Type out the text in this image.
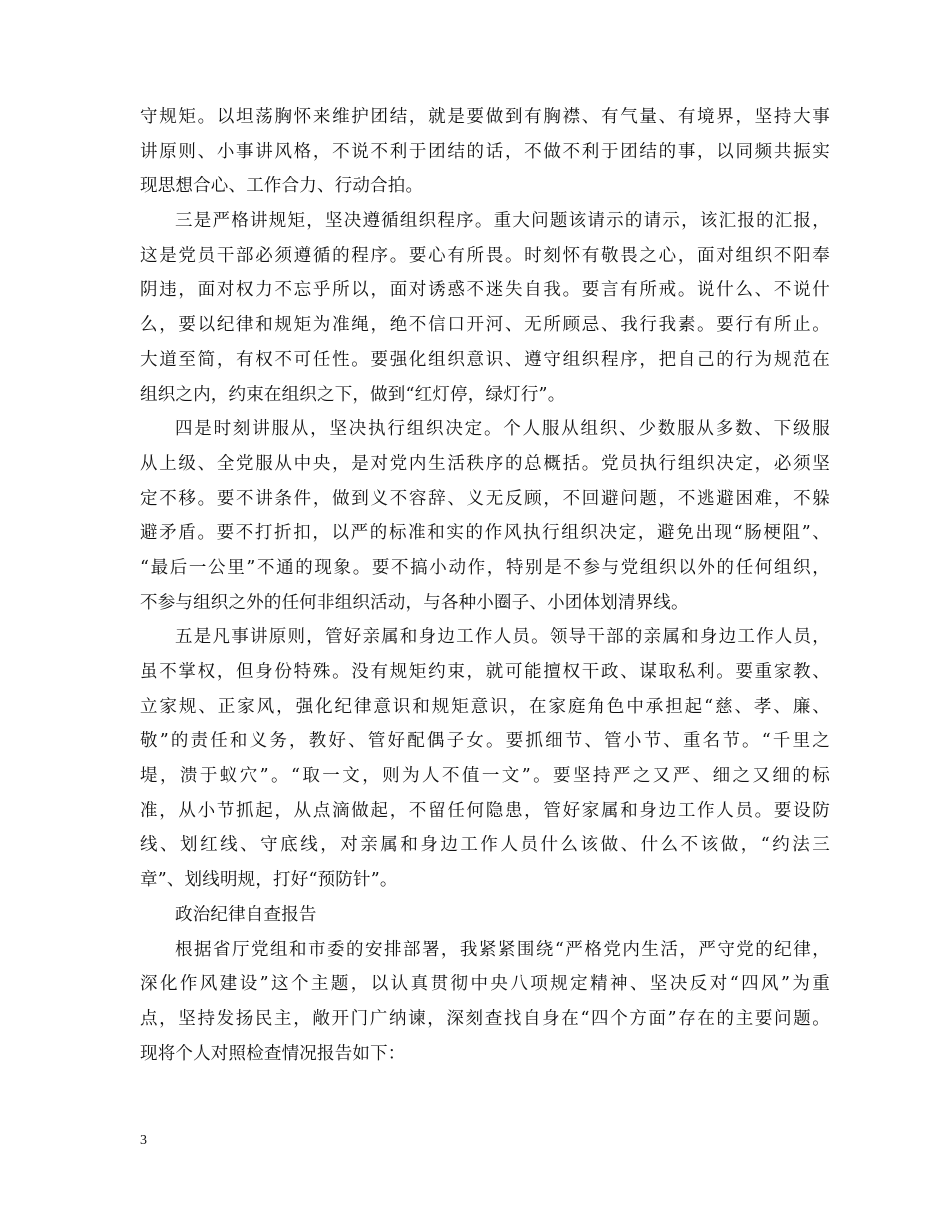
守规矩。以坦荡胸怀来维护团结，就是要做到有胸襟、有气量、有境界，坚持大事
讲原则、小事讲风格，不说不利于团结的话，不做不利于团结的事，以同频共振实
现思想合心、工作合力、行动合拍。
三是严格讲规矩，坚决遵循组织程序。重大问题该请示的请示，该汇报的汇报，
这是党员干部必须遵循的程序。要心有所畏。时刻怀有敬畏之心，面对组织不阳奉
阴违，面对权力不忘乎所以，面对诱惑不迷失自我。要言有所戒。说什么、不说什
么，要以纪律和规矩为准绳，绝不信口开河、无所顾忌、我行我素。要行有所止。
大道至简，有权不可任性。要强化组织意识、遵守组织程序，把自己的行为规范在
组织之内，约束在组织之下，做到“红灯停，绿灯行”。
四是时刻讲服从，坚决执行组织决定。个人服从组织、少数服从多数、下级服
从上级、全党服从中央，是对党内生活秩序的总概括。党员执行组织决定，必须坚
定不移。要不讲条件，做到义不容辞、义无反顾，不回避问题，不逃避困难，不躲
避矛盾。要不打折扣，以严的标准和实的作风执行组织决定，避免出现“肠梗阻”、
“最后一公里”不通的现象。要不搞小动作，特别是不参与党组织以外的任何组织，
不参与组织之外的任何非组织活动，与各种小圈子、小团体划清界线。
五是凡事讲原则，管好亲属和身边工作人员。领导干部的亲属和身边工作人员，
虽不掌权，但身份特殊。没有规矩约束，就可能擅权干政、谋取私利。要重家教、
立家规、正家风，强化纪律意识和规矩意识，在家庭角色中承担起“慈、孝、廉、
敬”的责任和义务，教好、管好配偶子女。要抓细节、管小节、重名节。“千里之
堤，溃于蚁穴”。“取一文，则为人不值一文”。要坚持严之又严、细之又细的标
准，从小节抓起，从点滴做起，不留任何隐患，管好家属和身边工作人员。要设防
线、划红线、守底线，对亲属和身边工作人员什么该做、什么不该做，“约法三
章”、划线明规，打好“预防针”。
政治纪律自查报告
根据省厅党组和市委的安排部署，我紧紧围绕“严格党内生活，严守党的纪律，
深化作风建设”这个主题，以认真贯彻中央八项规定精神、坚决反对“四风”为重
点，坚持发扬民主，敞开门广纳谏，深刻查找自身在“四个方面”存在的主要问题。
现将个人对照检查情况报告如下：
3
